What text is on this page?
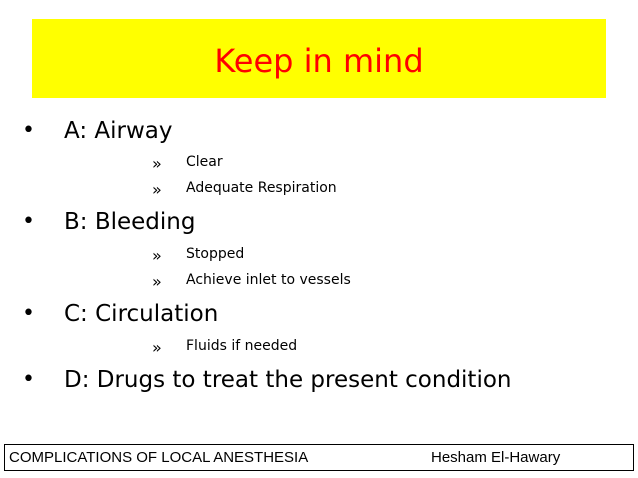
Keep in mind
• A: Airway
» Clear
» Adequate Respiration
• B: Bleeding
» Stopped
» Achieve inlet to vessels
• C: Circulation
» Fluids if needed
• D: Drugs to treat the present condition
COMPLICATIONS OF LOCAL ANESTHESIA	Hesham El-Hawary
